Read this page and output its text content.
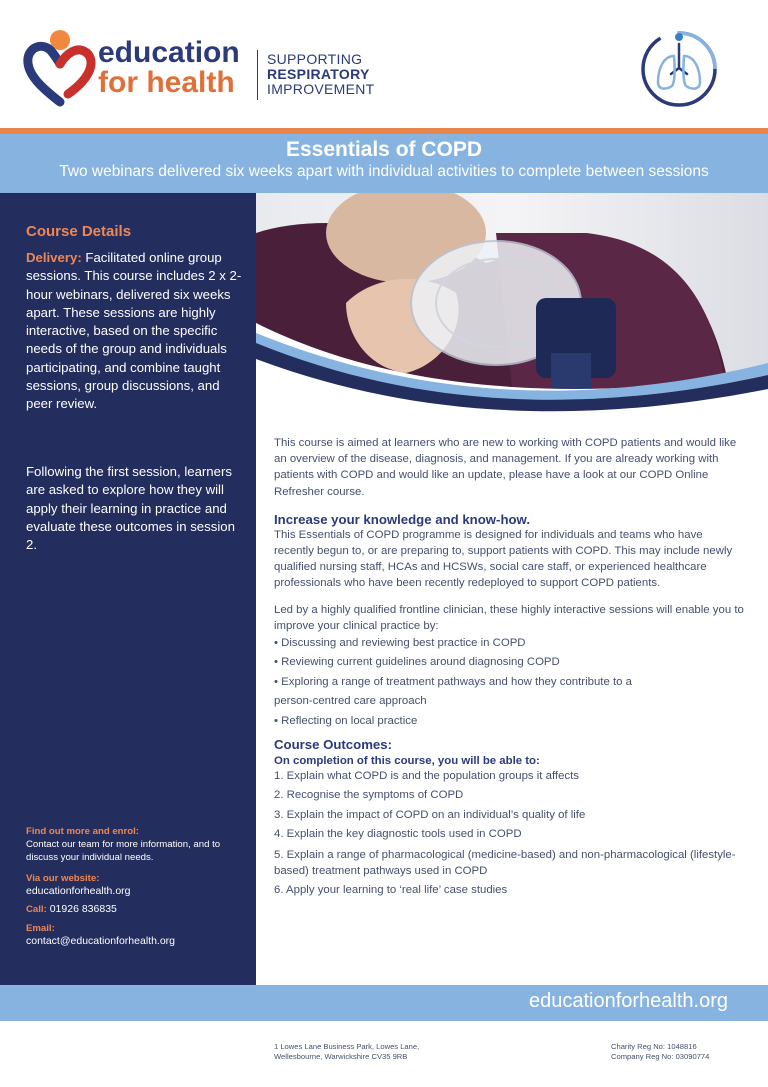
education
for health
SUPPORTING
RESPIRATORY
IMPROVEMENT
Essentials of COPD
Two webinars delivered six weeks apart with individual activities to complete between sessions
Course Details
Delivery: Facilitated online group sessions. This course includes 2 x 2-hour webinars, delivered six weeks apart. These sessions are highly interactive, based on the specific needs of the group and individuals participating, and combine taught sessions, group discussions, and peer review.
Following the first session, learners are asked to explore how they will apply their learning in practice and evaluate these outcomes in session 2.
Find out more and enrol:
Contact our team for more information, and to discuss your individual needs.
Via our website:
educationforhealth.org
Call: 01926 836835
Email:
contact@educationforhealth.org

This course is aimed at learners who are new to working with COPD patients and would like an overview of the disease, diagnosis, and management. If you are already working with patients with COPD and would like an update, please have a look at our COPD Online Refresher course.

Increase your knowledge and know-how.

This Essentials of COPD programme is designed for individuals and teams who have recently begun to, or are preparing to, support patients with COPD. This may include newly qualified nursing staff, HCAs and HCSWs, social care staff, or experienced healthcare professionals who have been recently redeployed to support COPD patients.

Led by a highly qualified frontline clinician, these highly interactive sessions will enable you to improve your clinical practice by:

• Discussing and reviewing best practice in COPD
• Reviewing current guidelines around diagnosing COPD
• Exploring a range of treatment pathways and how they contribute to a
person-centred care approach
• Reflecting on local practice

Course Outcomes:

On completion of this course, you will be able to:

1. Explain what COPD is and the population groups it affects
2. Recognise the symptoms of COPD
3. Explain the impact of COPD on an individual’s quality of life
4. Explain the key diagnostic tools used in COPD
5. Explain a range of pharmacological (medicine-based) and non-pharmacological (lifestyle-based) treatment pathways used in COPD
6. Apply your learning to ‘real life’ case studies
educationforhealth.org
1 Lowes Lane Business Park, Lowes Lane,
Wellesbourne, Warwickshire CV35 9RB
Charity Reg No: 1048816
Company Reg No: 03090774
